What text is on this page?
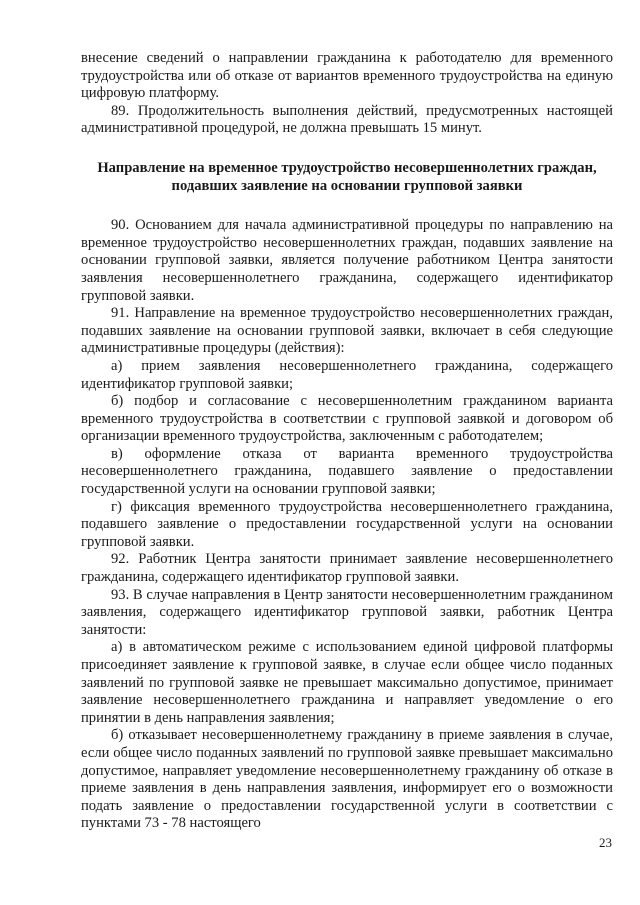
внесение сведений о направлении гражданина к работодателю для временного трудоустройства или об отказе от вариантов временного трудоустройства на единую цифровую платформу.

89. Продолжительность выполнения действий, предусмотренных настоящей административной процедурой, не должна превышать 15 минут.

Направление на временное трудоустройство несовершеннолетних граждан, подавших заявление на основании групповой заявки

90. Основанием для начала административной процедуры по направлению на временное трудоустройство несовершеннолетних граждан, подавших заявление на основании групповой заявки, является получение работником Центра занятости заявления несовершеннолетнего гражданина, содержащего идентификатор групповой заявки.

91. Направление на временное трудоустройство несовершеннолетних граждан, подавших заявление на основании групповой заявки, включает в себя следующие административные процедуры (действия):

а) прием заявления несовершеннолетнего гражданина, содержащего идентификатор групповой заявки;

б) подбор и согласование с несовершеннолетним гражданином варианта временного трудоустройства в соответствии с групповой заявкой и договором об организации временного трудоустройства, заключенным с работодателем;

в) оформление отказа от варианта временного трудоустройства несовершеннолетнего гражданина, подавшего заявление о предоставлении государственной услуги на основании групповой заявки;

г) фиксация временного трудоустройства несовершеннолетнего гражданина, подавшего заявление о предоставлении государственной услуги на основании групповой заявки.

92. Работник Центра занятости принимает заявление несовершеннолетнего гражданина, содержащего идентификатор групповой заявки.

93. В случае направления в Центр занятости несовершеннолетним гражданином заявления, содержащего идентификатор групповой заявки, работник Центра занятости:

а) в автоматическом режиме с использованием единой цифровой платформы присоединяет заявление к групповой заявке, в случае если общее число поданных заявлений по групповой заявке не превышает максимально допустимое, принимает заявление несовершеннолетнего гражданина и направляет уведомление о его принятии в день направления заявления;

б) отказывает несовершеннолетнему гражданину в приеме заявления в случае, если общее число поданных заявлений по групповой заявке превышает максимально допустимое, направляет уведомление несовершеннолетнему гражданину об отказе в приеме заявления в день направления заявления, информирует его о возможности подать заявление о предоставлении государственной услуги в соответствии с пунктами 73 - 78 настоящего

23
